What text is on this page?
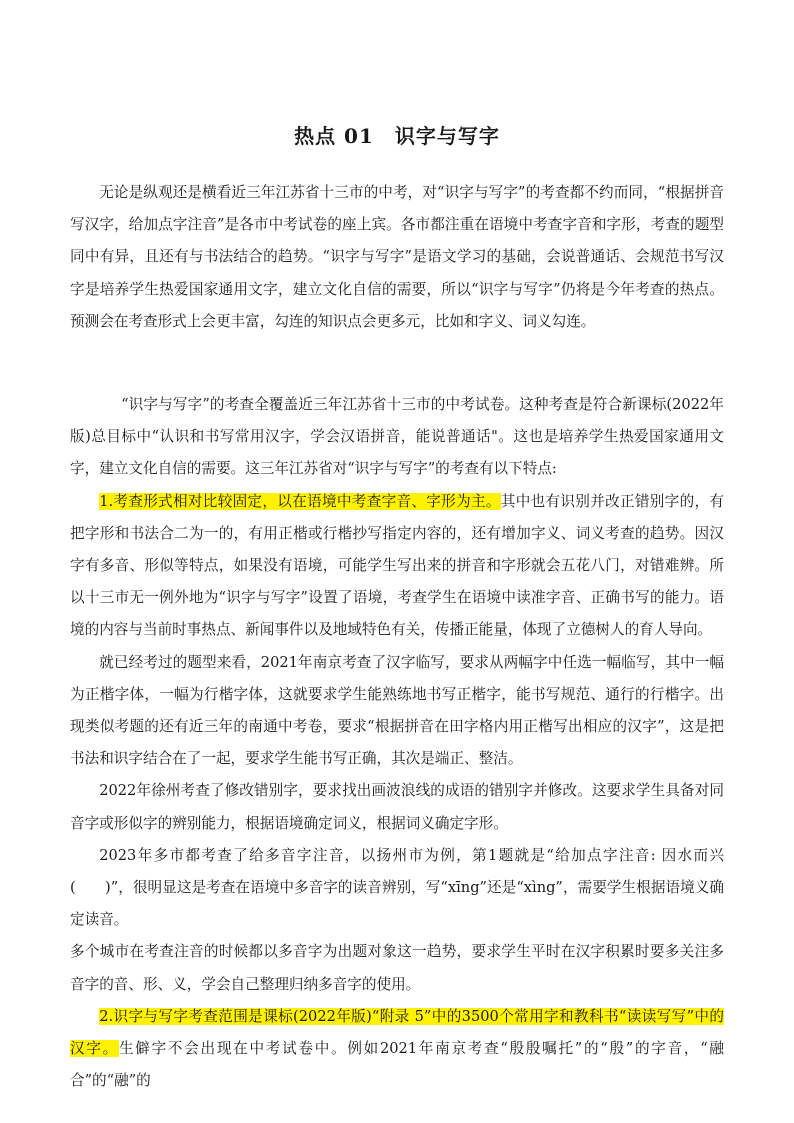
热点 01　识字与写字

无论是纵观还是横看近三年江苏省十三市的中考，对“识字与写字”的考查都不约而同，“根据拼音写汉字，给加点字注音”是各市中考试卷的座上宾。各市都注重在语境中考查字音和字形，考查的题型同中有异，且还有与书法结合的趋势。“识字与写字”是语文学习的基础，会说普通话、会规范书写汉字是培养学生热爱国家通用文字，建立文化自信的需要，所以“识字与写字”仍将是今年考查的热点。预测会在考查形式上会更丰富，勾连的知识点会更多元，比如和字义、词义勾连。

“识字与写字”的考查全覆盖近三年江苏省十三市的中考试卷。这种考查是符合新课标(2022年版)总目标中“认识和书写常用汉字，学会汉语拼音，能说普通话"。这也是培养学生热爱国家通用文字，建立文化自信的需要。这三年江苏省对“识字与写字”的考查有以下特点:

1.考查形式相对比较固定，以在语境中考查字音、字形为主。其中也有识别并改正错别字的，有把字形和书法合二为一的，有用正楷或行楷抄写指定内容的，还有增加字义、词义考查的趋势。因汉字有多音、形似等特点，如果没有语境，可能学生写出来的拼音和字形就会五花八门，对错难辨。所以十三市无一例外地为“识字与写字”设置了语境，考查学生在语境中读准字音、正确书写的能力。语境的内容与当前时事热点、新闻事件以及地域特色有关，传播正能量，体现了立德树人的育人导向。

就已经考过的题型来看，2021年南京考查了汉字临写，要求从两幅字中任选一幅临写，其中一幅为正楷字体，一幅为行楷字体，这就要求学生能熟练地书写正楷字，能书写规范、通行的行楷字。出现类似考题的还有近三年的南通中考卷，要求“根据拼音在田字格内用正楷写出相应的汉字”，这是把书法和识字结合在了一起，要求学生能书写正确，其次是端正、整洁。

2022年徐州考查了修改错别字，要求找出画波浪线的成语的错别字并修改。这要求学生具备对同音字或形似字的辨别能力，根据语境确定词义，根据词义确定字形。

2023年多市都考查了给多音字注音，以扬州市为例，第1题就是“给加点字注音: 因水而兴(　　)”，很明显这是考查在语境中多音字的读音辨别，写“xīng”还是“xìng”，需要学生根据语境义确定读音。

多个城市在考查注音的时候都以多音字为出题对象这一趋势，要求学生平时在汉字积累时要多关注多音字的音、形、义，学会自己整理归纳多音字的使用。

2.识字与写字考查范围是课标(2022年版)“附录 5”中的3500个常用字和教科书“读读写写”中的汉字。生僻字不会出现在中考试卷中。例如2021年南京考查“殷殷嘱托”的“殷”的字音，“融合”的“融”的
